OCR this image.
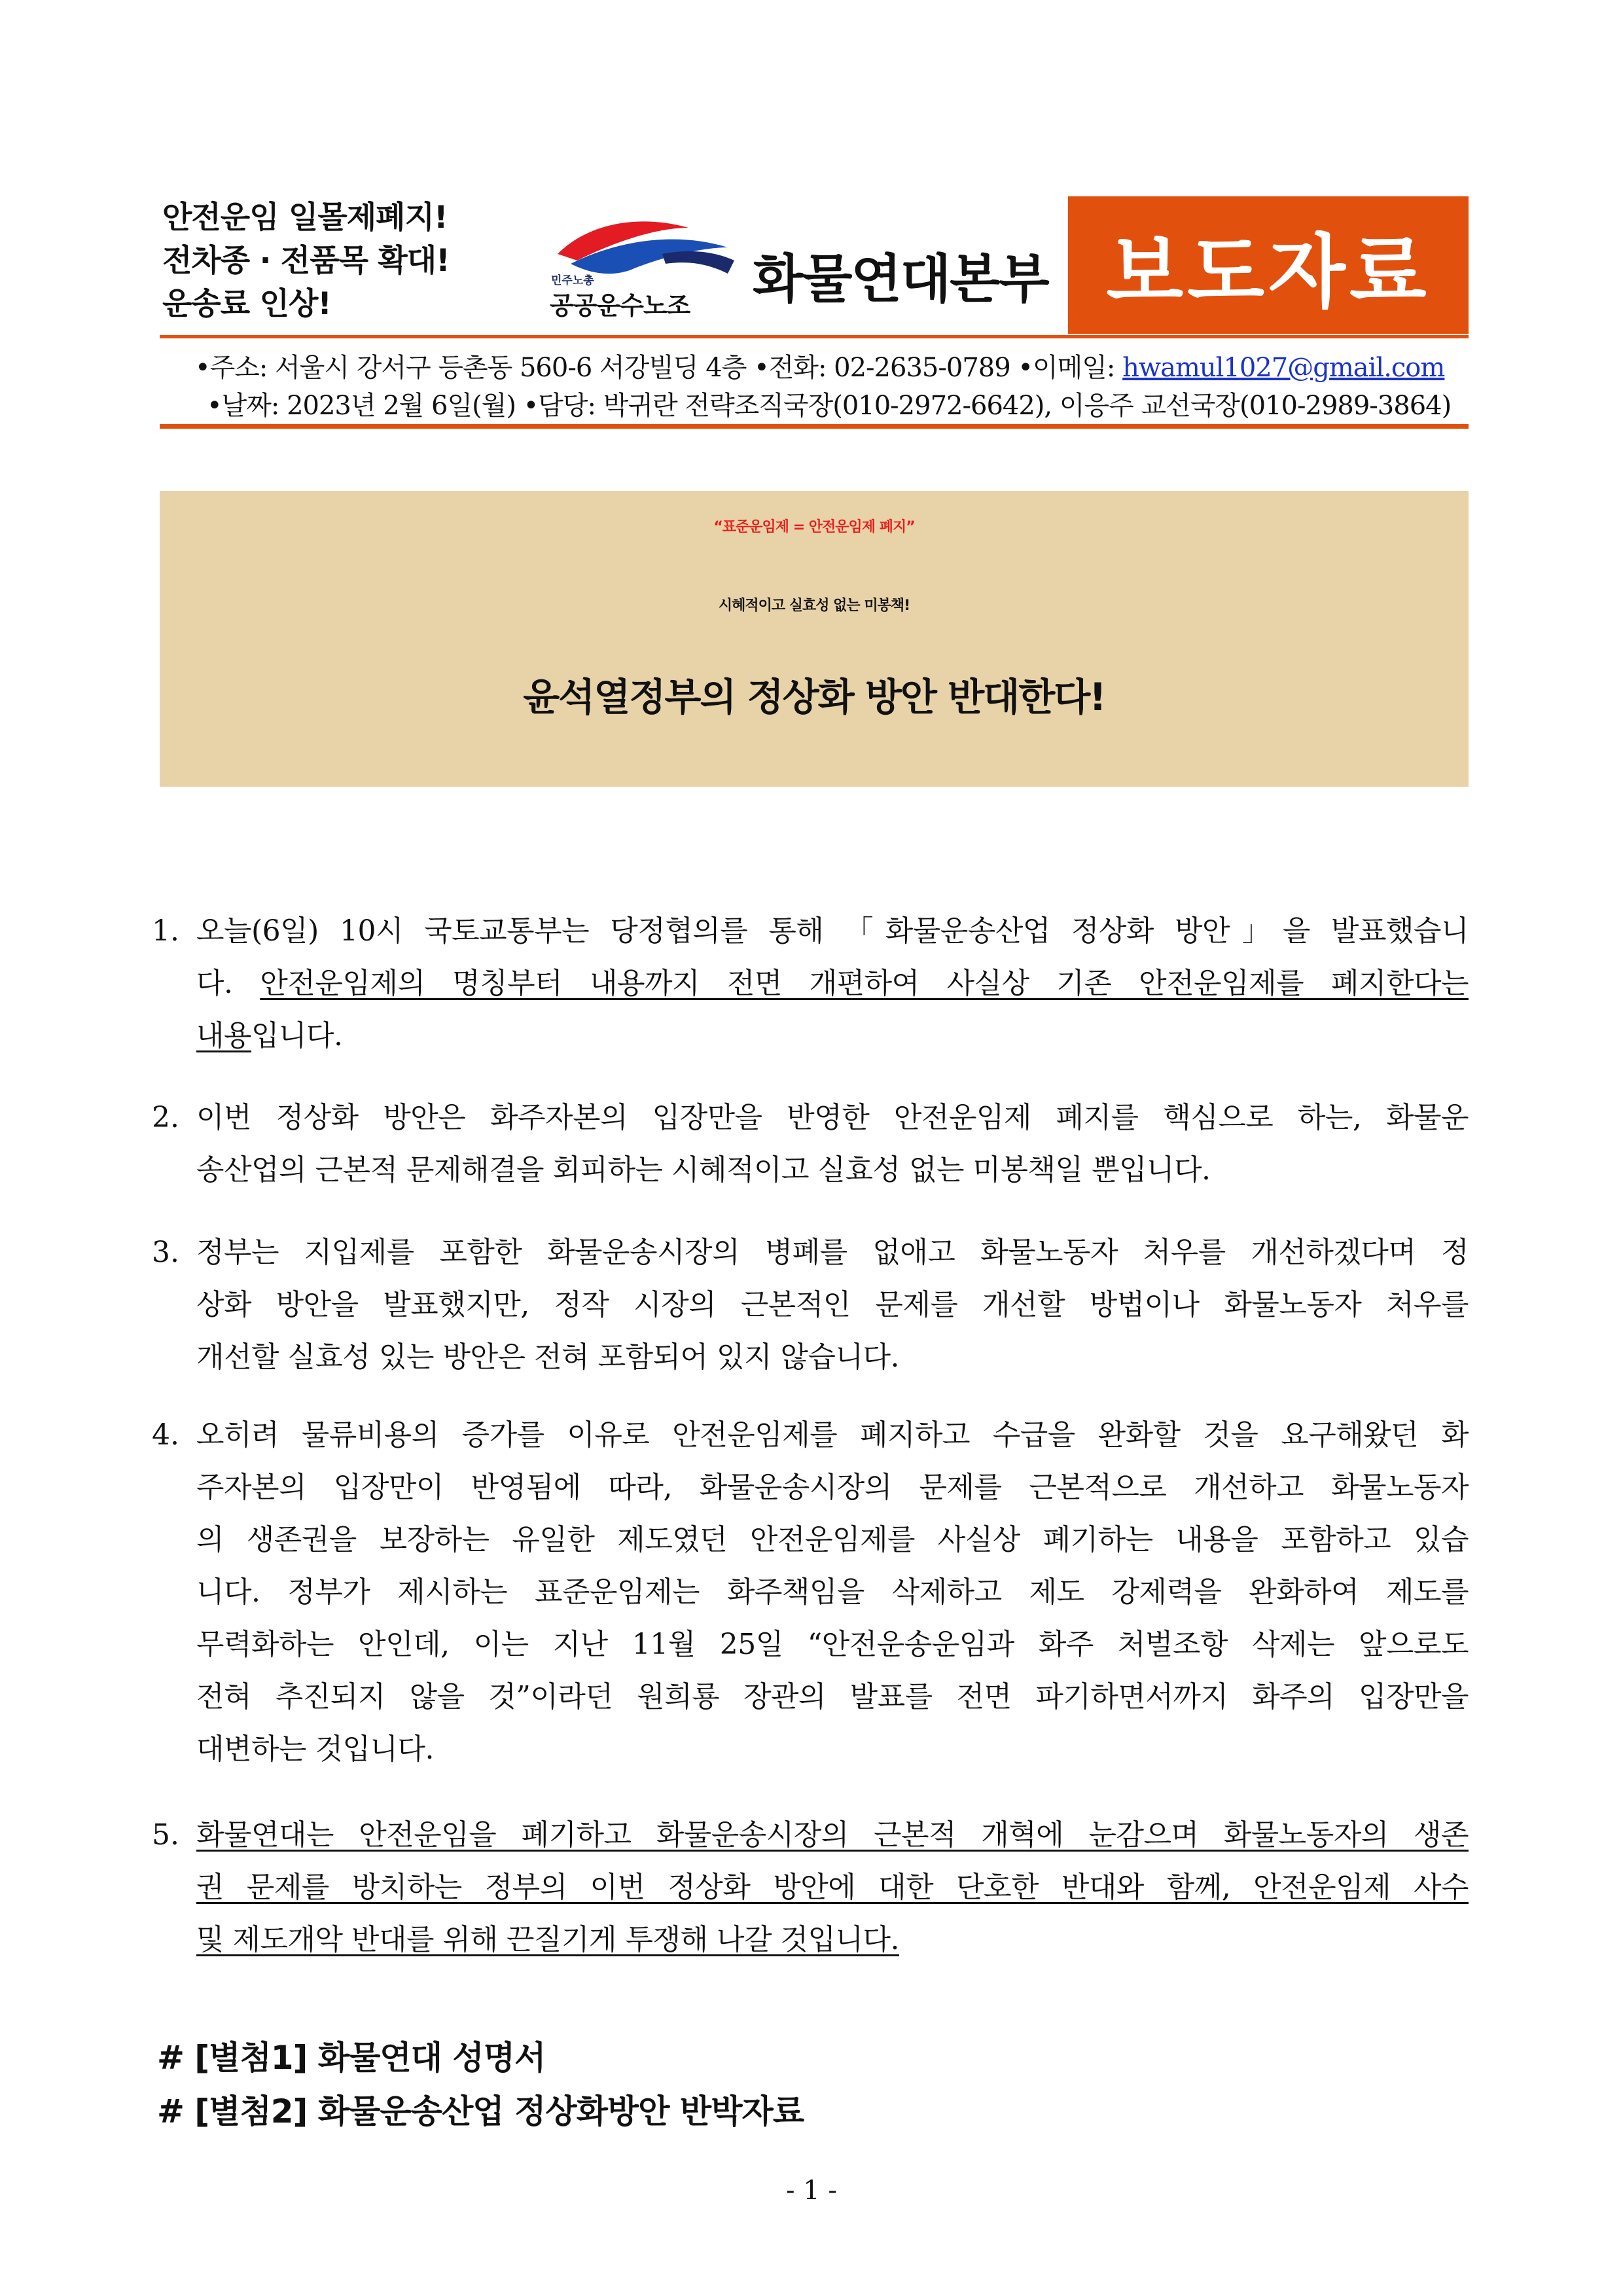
안전운임 일몰제폐지!
전차종 · 전품목 확대!
운송료 인상!
민주노총
공공운수노조 화물연대본부 보도자료
•주소: 서울시 강서구 등촌동 560-6 서강빌딩 4층 •전화: 02-2635-0789 •이메일: hwamul1027@gmail.com
•날짜: 2023년 2월 6일(월) •담당: 박귀란 전략조직국장(010-2972-6642), 이응주 교선국장(010-2989-3864)
“표준운임제 = 안전운임제 폐지”
시혜적이고 실효성 없는 미봉책!
윤석열정부의 정상화 방안 반대한다!
1. 오늘(6일) 10시 국토교통부는 당정협의를 통해 「화물운송산업 정상화 방안」을 발표했습니
다. 안전운임제의 명칭부터 내용까지 전면 개편하여 사실상 기존 안전운임제를 폐지한다는
내용입니다.
2. 이번 정상화 방안은 화주자본의 입장만을 반영한 안전운임제 폐지를 핵심으로 하는, 화물운
송산업의 근본적 문제해결을 회피하는 시혜적이고 실효성 없는 미봉책일 뿐입니다.
3. 정부는 지입제를 포함한 화물운송시장의 병폐를 없애고 화물노동자 처우를 개선하겠다며 정
상화 방안을 발표했지만, 정작 시장의 근본적인 문제를 개선할 방법이나 화물노동자 처우를
개선할 실효성 있는 방안은 전혀 포함되어 있지 않습니다.
4. 오히려 물류비용의 증가를 이유로 안전운임제를 폐지하고 수급을 완화할 것을 요구해왔던 화
주자본의 입장만이 반영됨에 따라, 화물운송시장의 문제를 근본적으로 개선하고 화물노동자
의 생존권을 보장하는 유일한 제도였던 안전운임제를 사실상 폐기하는 내용을 포함하고 있습
니다. 정부가 제시하는 표준운임제는 화주책임을 삭제하고 제도 강제력을 완화하여 제도를
무력화하는 안인데, 이는 지난 11월 25일 “안전운송운임과 화주 처벌조항 삭제는 앞으로도
전혀 추진되지 않을 것”이라던 원희룡 장관의 발표를 전면 파기하면서까지 화주의 입장만을
대변하는 것입니다.
5. 화물연대는 안전운임을 폐기하고 화물운송시장의 근본적 개혁에 눈감으며 화물노동자의 생존
권 문제를 방치하는 정부의 이번 정상화 방안에 대한 단호한 반대와 함께, 안전운임제 사수
및 제도개악 반대를 위해 끈질기게 투쟁해 나갈 것입니다.
# [별첨1] 화물연대 성명서
# [별첨2] 화물운송산업 정상화방안 반박자료
- 1 -
